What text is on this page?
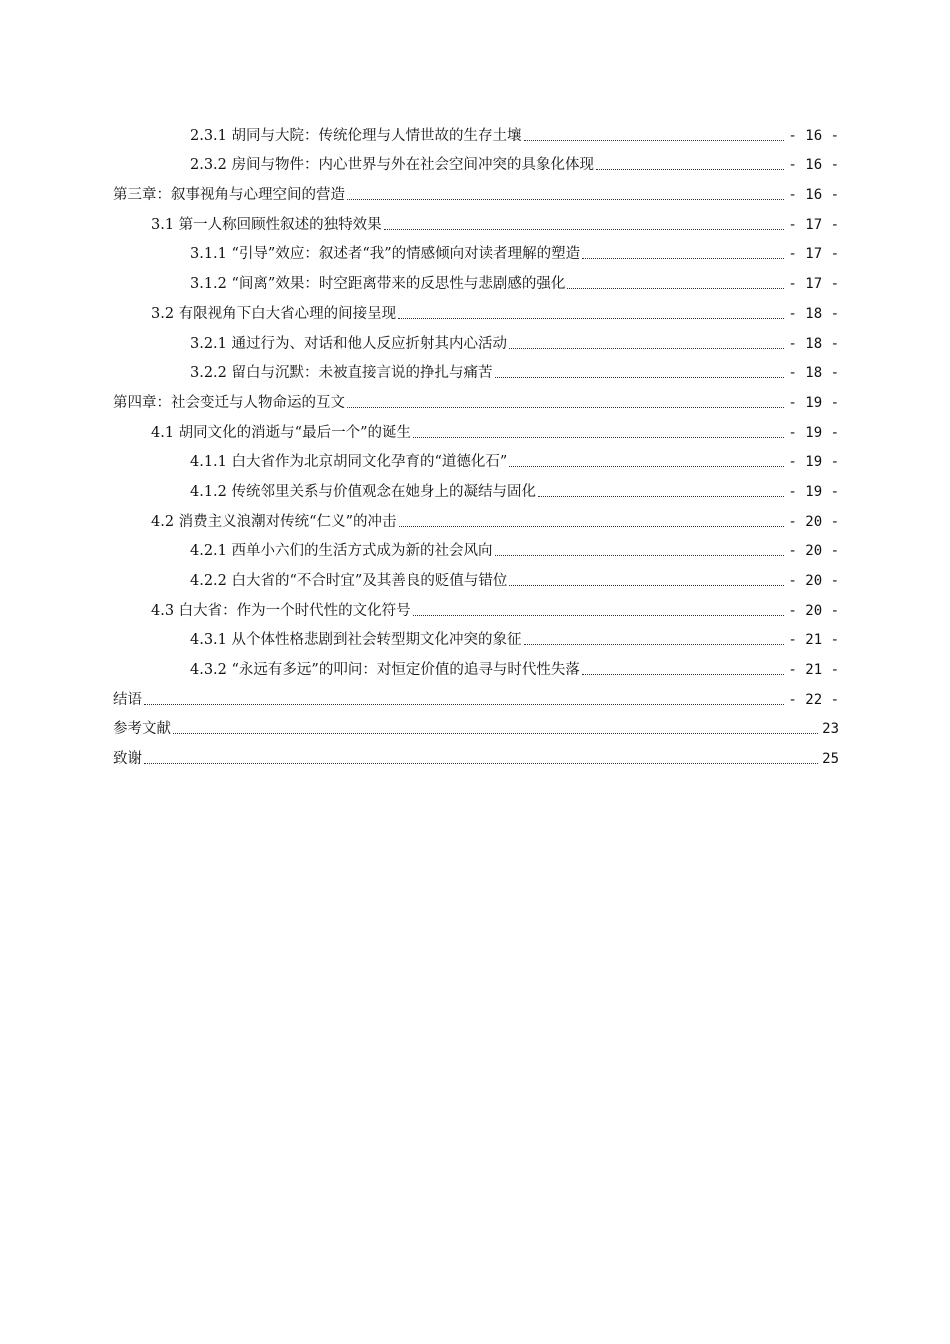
2.3.1 胡同与大院：传统伦理与人情世故的生存土壤	- 16 -
2.3.2 房间与物件：内心世界与外在社会空间冲突的具象化体现	- 16 -
第三章：叙事视角与心理空间的营造	- 16 -
3.1 第一人称回顾性叙述的独特效果	- 17 -
3.1.1 “引导”效应：叙述者“我”的情感倾向对读者理解的塑造	- 17 -
3.1.2 “间离”效果：时空距离带来的反思性与悲剧感的强化	- 17 -
3.2 有限视角下白大省心理的间接呈现	- 18 -
3.2.1 通过行为、对话和他人反应折射其内心活动	- 18 -
3.2.2 留白与沉默：未被直接言说的挣扎与痛苦	- 18 -
第四章：社会变迁与人物命运的互文	- 19 -
4.1 胡同文化的消逝与“最后一个”的诞生	- 19 -
4.1.1 白大省作为北京胡同文化孕育的“道德化石”	- 19 -
4.1.2 传统邻里关系与价值观念在她身上的凝结与固化	- 19 -
4.2 消费主义浪潮对传统“仁义”的冲击	- 20 -
4.2.1 西单小六们的生活方式成为新的社会风向	- 20 -
4.2.2 白大省的“不合时宜”及其善良的贬值与错位	- 20 -
4.3 白大省：作为一个时代性的文化符号	- 20 -
4.3.1 从个体性格悲剧到社会转型期文化冲突的象征	- 21 -
4.3.2 “永远有多远”的叩问：对恒定价值的追寻与时代性失落	- 21 -
结语	- 22 -
参考文献	23
致谢	25
